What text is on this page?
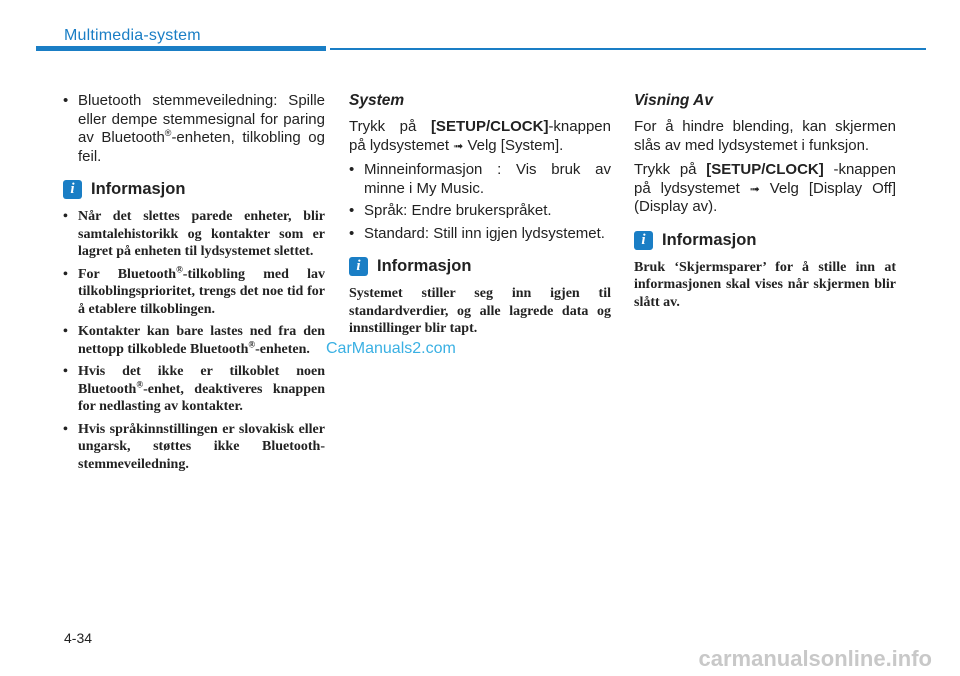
Multimedia-system
• Bluetooth stemmeveiledning: Spille eller dempe stemmesignal for paring av Bluetooth®-enheten, tilkobling og feil.
i Informasjon
• Når det slettes parede enheter, blir samtalehistorikk og kontakter som er lagret på enheten til lydsystemet slettet.
• For Bluetooth®-tilkobling med lav tilkoblingsprioritet, trengs det noe tid for å etablere tilkoblingen.
• Kontakter kan bare lastes ned fra den nettopp tilkoblede Bluetooth®-enheten.
• Hvis det ikke er tilkoblet noen Bluetooth®-enhet, deaktiveres knappen for nedlasting av kontakter.
• Hvis språkinnstillingen er slovakisk eller ungarsk, støttes ikke Bluetooth-stemmeveiledning.
System

Trykk på [SETUP/CLOCK]-knappen på lydsystemet ➟ Velg [System].

• Minneinformasjon : Vis bruk av minne i My Music.
• Språk: Endre brukerspråket.
• Standard: Still inn igjen lydsystemet.
i Informasjon

Systemet stiller seg inn igjen til standardverdier, og alle lagrede data og innstillinger blir tapt.

Visning Av

For å hindre blending, kan skjermen slås av med lydsystemet i funksjon.

Trykk på [SETUP/CLOCK] -knappen på lydsystemet ➟ Velg [Display Off] (Display av).

i Informasjon

Bruk ‘Skjermsparer’ for å stille inn at informasjonen skal vises når skjermen blir slått av.

CarManuals2.com
4-34
carmanualsonline.info
